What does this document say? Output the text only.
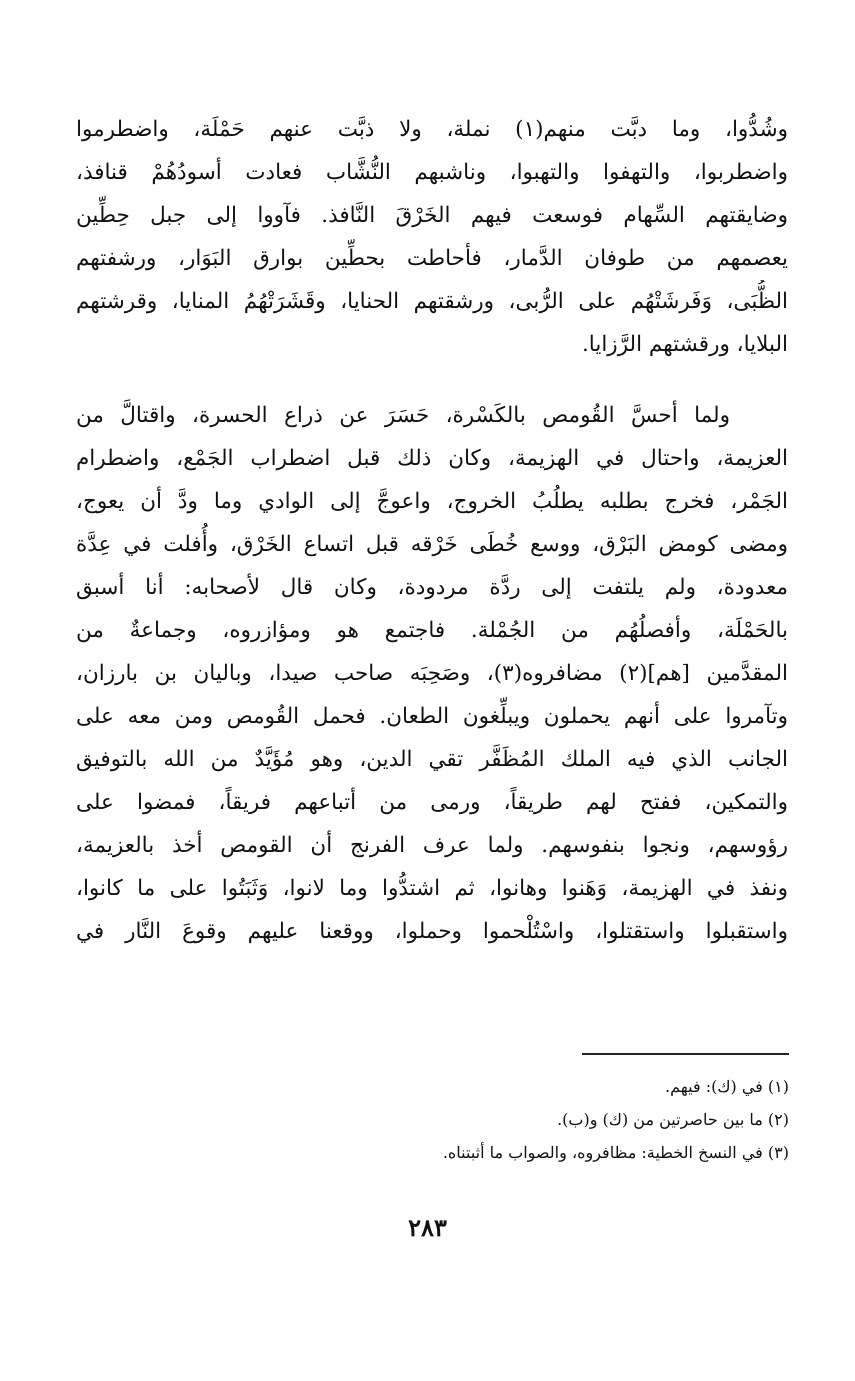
وشُدُّوا، وما دبَّت منهم(١) نملة، ولا ذبَّت عنهم حَمْلَة، واضطرموا
واضطربوا، والتهفوا والتهبوا، وناشبهم النُّشَّاب فعادت أسودُهُمْ قنافذ،
وضايقتهم السِّهام فوسعت فيهم الخَرْقَ النَّافذ. فآووا إلى جبل حِطِّين
يعصمهم من طوفان الدَّمار، فأحاطت بحطِّين بوارق البَوَار، ورشفتهم
الظُّبَى، وَفَرشَتْهُم على الرُّبى، ورشقتهم الحنايا، وقَشَرَتْهُمُ المنايا، وقرشتهم
البلايا، ورقشتهم الرَّزايا.
ولما أحسَّ القُومص بالكَسْرة، حَسَرَ عن ذراع الحسرة، واقتالَّ من
العزيمة، واحتال في الهزيمة، وكان ذلك قبل اضطراب الجَمْع، واضطرام
الجَمْر، فخرج بطلبه يطلُبُ الخروج، واعوجَّ إلى الوادي وما ودَّ أن يعوج،
ومضى كومض البَرْق، ووسع خُطَى خَرْقه قبل اتساع الخَرْق، وأُفلت في عِدَّة
معدودة، ولم يلتفت إلى ردَّة مردودة، وكان قال لأصحابه: أنا أسبق
بالحَمْلَة، وأفصلُهُم من الجُمْلة. فاجتمع هو ومؤازروه، وجماعةٌ من
المقدَّمين [هم](٢) مضافروه(٣)، وصَحِبَه صاحب صيدا، وباليان بن بارزان،
وتآمروا على أنهم يحملون ويبلِّغون الطعان. فحمل القُومص ومن معه على
الجانب الذي فيه الملك المُظَفَّر تقي الدين، وهو مُؤَيَّدٌ من الله بالتوفيق
والتمكين، ففتح لهم طريقاً، ورمى من أتباعهم فريقاً، فمضوا على
رؤوسهم، ونجوا بنفوسهم. ولما عرف الفرنج أن القومص أخذ بالعزيمة،
ونفذ في الهزيمة، وَهَنوا وهانوا، ثم اشتدُّوا وما لانوا، وَثَبَتُوا على ما كانوا،
واستقبلوا واستقتلوا، واسْتُلْحموا وحملوا، ووقعنا عليهم وقوعَ النَّار في
(١) في (ك): فيهم.
(٢) ما بين حاصرتين من (ك) و(ب).
(٣) في النسخ الخطية: مظافروه، والصواب ما أثبتناه.
٢٨٣
